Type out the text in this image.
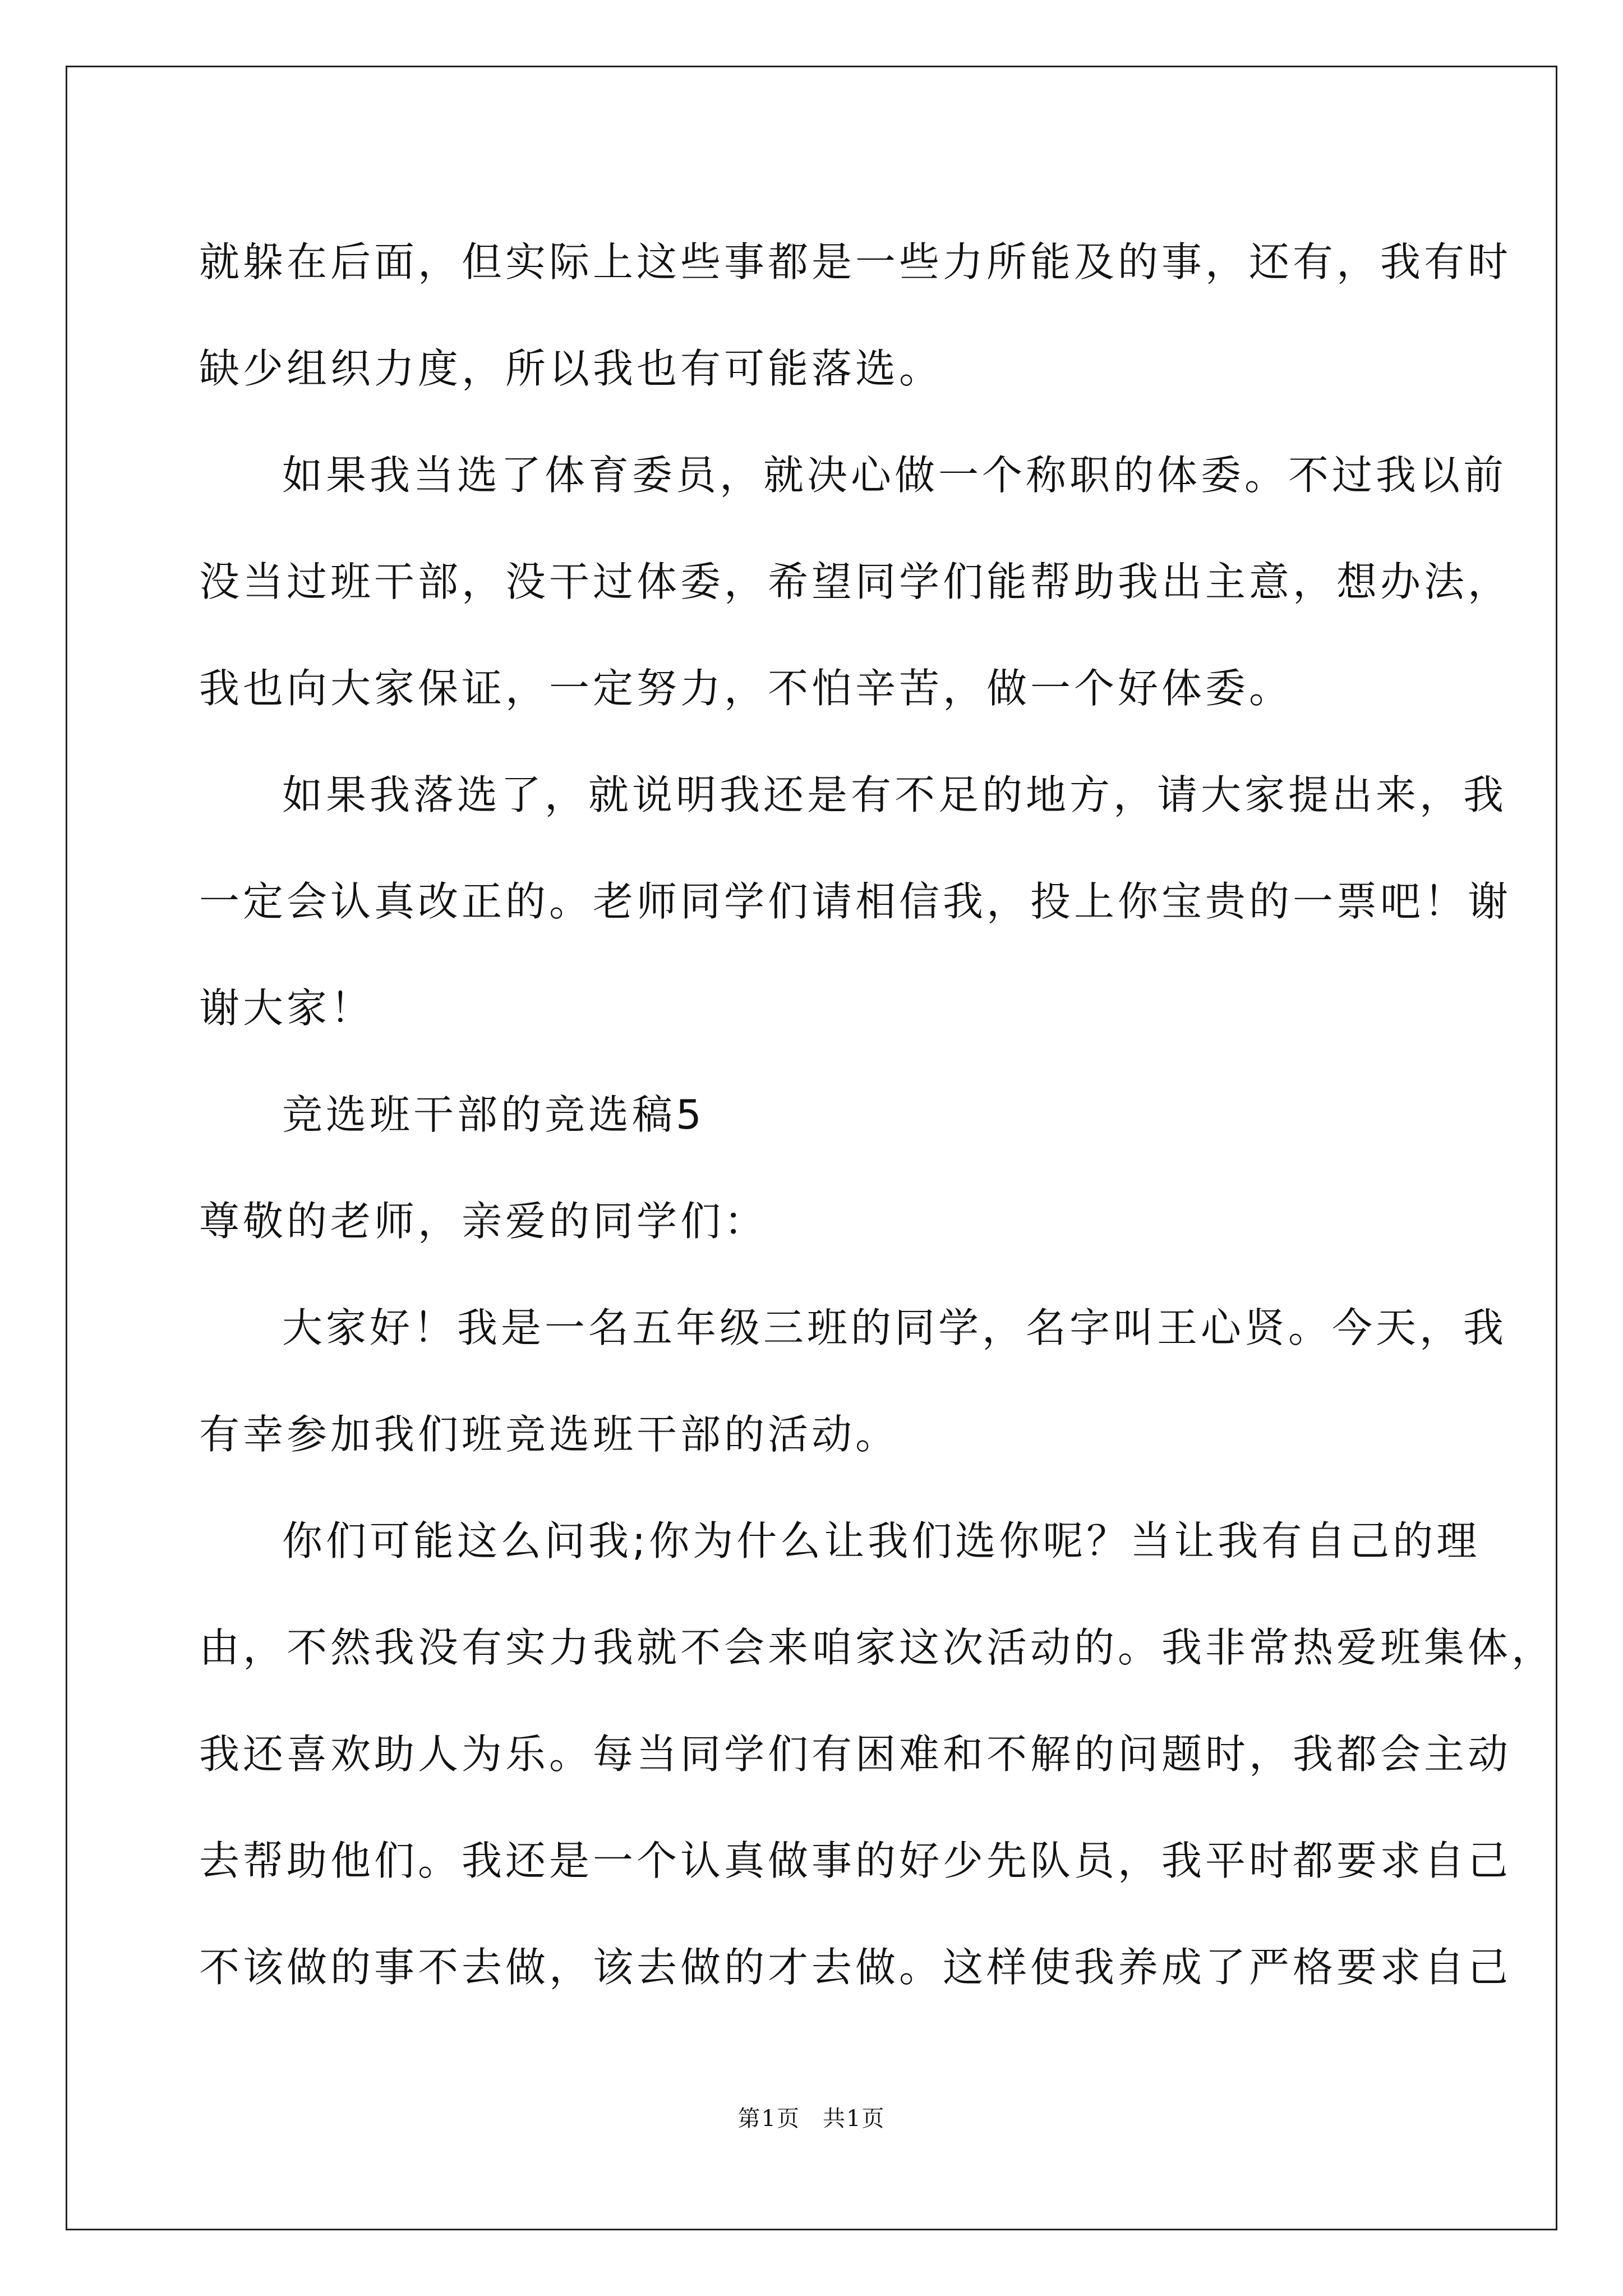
就躲在后面，但实际上这些事都是一些力所能及的事，还有，我有时
缺少组织力度，所以我也有可能落选。
如果我当选了体育委员，就决心做一个称职的体委。不过我以前
没当过班干部，没干过体委，希望同学们能帮助我出主意，想办法，
我也向大家保证，一定努力，不怕辛苦，做一个好体委。
如果我落选了，就说明我还是有不足的地方，请大家提出来，我
一定会认真改正的。老师同学们请相信我，投上你宝贵的一票吧！谢
谢大家！
竞选班干部的竞选稿5
尊敬的老师，亲爱的同学们：
大家好！我是一名五年级三班的同学，名字叫王心贤。今天，我
有幸参加我们班竞选班干部的活动。
你们可能这么问我;你为什么让我们选你呢？当让我有自己的理
由，不然我没有实力我就不会来咱家这次活动的。我非常热爱班集体，
我还喜欢助人为乐。每当同学们有困难和不解的问题时，我都会主动
去帮助他们。我还是一个认真做事的好少先队员，我平时都要求自己
不该做的事不去做，该去做的才去做。这样使我养成了严格要求自己
第1页 共1页
